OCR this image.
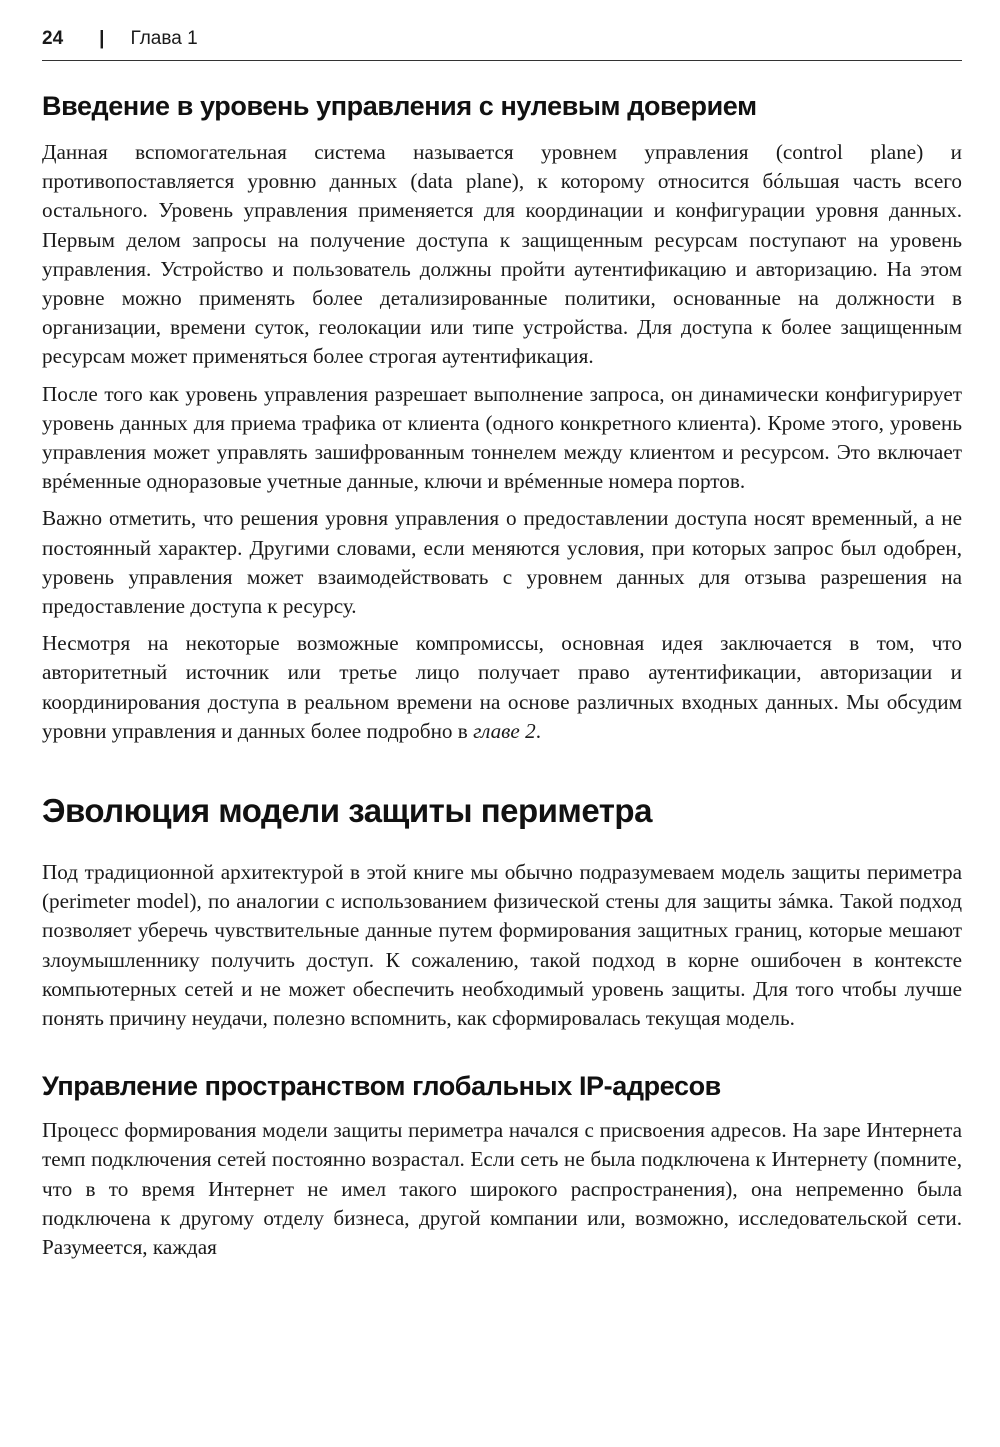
24 | Глава 1
Введение в уровень управления с нулевым доверием

Данная вспомогательная система называется уровнем управления (control plane) и противопоставляется уровню данных (data plane), к которому относится бóльшая часть всего остального. Уровень управления применяется для координации и конфигурации уровня данных. Первым делом запросы на получение доступа к защищенным ресурсам поступают на уровень управления. Устройство и пользователь должны пройти аутентификацию и авторизацию. На этом уровне можно применять более детализированные политики, основанные на должности в организации, времени суток, геолокации или типе устройства. Для доступа к более защищенным ресурсам может применяться более строгая аутентификация.

После того как уровень управления разрешает выполнение запроса, он динамически конфигурирует уровень данных для приема трафика от клиента (одного конкретного клиента). Кроме этого, уровень управления может управлять зашифрованным тоннелем между клиентом и ресурсом. Это включает врéменные одноразовые учетные данные, ключи и врéменные номера портов.

Важно отметить, что решения уровня управления о предоставлении доступа носят временный, а не постоянный характер. Другими словами, если меняются условия, при которых запрос был одобрен, уровень управления может взаимодействовать с уровнем данных для отзыва разрешения на предоставление доступа к ресурсу.

Несмотря на некоторые возможные компромиссы, основная идея заключается в том, что авторитетный источник или третье лицо получает право аутентификации, авторизации и координирования доступа в реальном времени на основе различных входных данных. Мы обсудим уровни управления и данных более подробно в главе 2.

Эволюция модели защиты периметра

Под традиционной архитектурой в этой книге мы обычно подразумеваем модель защиты периметра (perimeter model), по аналогии с использованием физической стены для защиты зáмка. Такой подход позволяет уберечь чувствительные данные путем формирования защитных границ, которые мешают злоумышленнику получить доступ. К сожалению, такой подход в корне ошибочен в контексте компьютерных сетей и не может обеспечить необходимый уровень защиты. Для того чтобы лучше понять причину неудачи, полезно вспомнить, как сформировалась текущая модель.

Управление пространством глобальных IP-адресов

Процесс формирования модели защиты периметра начался с присвоения адресов. На заре Интернета темп подключения сетей постоянно возрастал. Если сеть не была подключена к Интернету (помните, что в то время Интернет не имел такого широкого распространения), она непременно была подключена к другому отделу бизнеса, другой компании или, возможно, исследовательской сети. Разумеется, каждая
